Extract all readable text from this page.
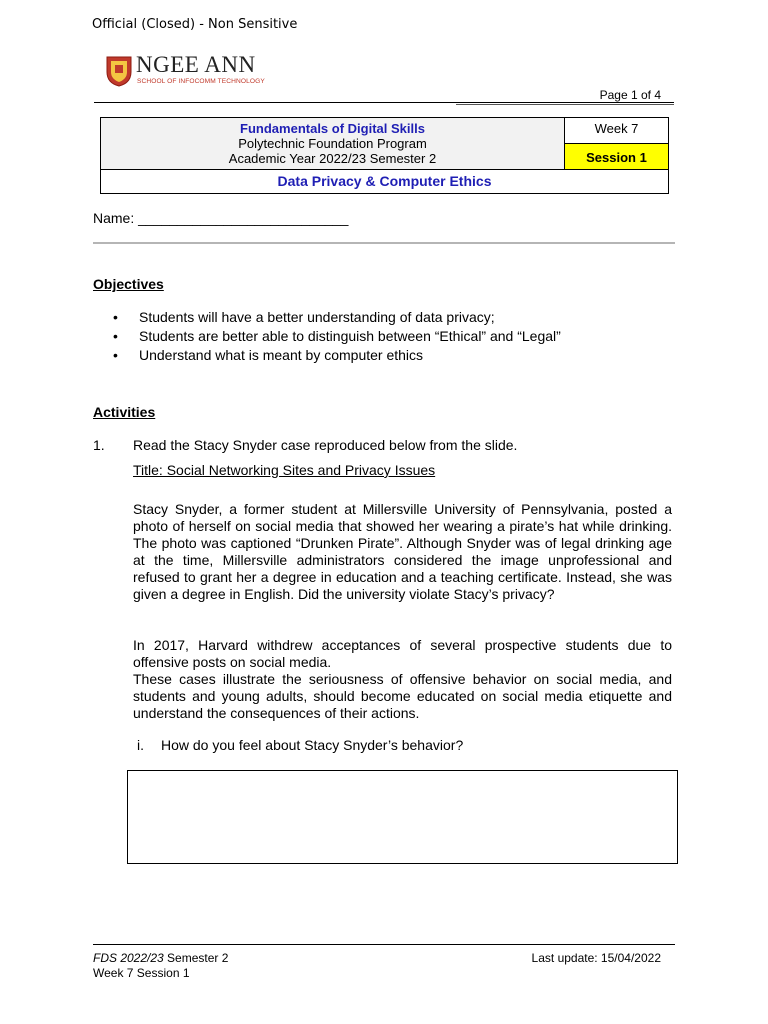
Official (Closed) - Non Sensitive
NGEE ANN
SCHOOL OF INFOCOMM TECHNOLOGY
Page 1 of 4
Fundamentals of Digital Skills
Polytechnic Foundation Program
Academic Year 2022/23 Semester 2
Week 7
Session 1
Data Privacy & Computer Ethics
Name: ___________________________
Objectives
• Students will have a better understanding of data privacy;
• Students are better able to distinguish between “Ethical” and “Legal”
• Understand what is meant by computer ethics
Activities
1. Read the Stacy Snyder case reproduced below from the slide.
Title: Social Networking Sites and Privacy Issues

Stacy Snyder, a former student at Millersville University of Pennsylvania, posted a photo of herself on social media that showed her wearing a pirate’s hat while drinking. The photo was captioned “Drunken Pirate”. Although Snyder was of legal drinking age at the time, Millersville administrators considered the image unprofessional and refused to grant her a degree in education and a teaching certificate. Instead, she was given a degree in English. Did the university violate Stacy’s privacy?

In 2017, Harvard withdrew acceptances of several prospective students due to offensive posts on social media.

These cases illustrate the seriousness of offensive behavior on social media, and students and young adults, should become educated on social media etiquette and understand the consequences of their actions.

i. How do you feel about Stacy Snyder’s behavior?
FDS 2022/23 Semester 2
Week 7 Session 1
Last update: 15/04/2022
